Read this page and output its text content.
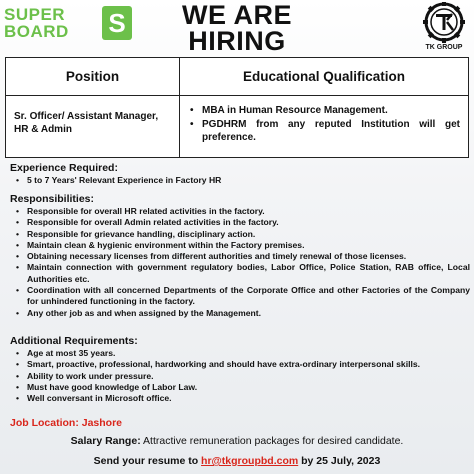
SUPER
BOARD S	WE ARE
HIRING	TK GROUP
Position	Educational Qualification
Sr. Officer/ Assistant Manager, HR & Admin
• MBA in Human Resource Management.
• PGDHRM from any reputed Institution will get preference.
Experience Required:
• 5 to 7 Years' Relevant Experience in Factory HR
Responsibilities:
• Responsible for overall HR related activities in the factory.
• Responsible for overall Admin related activities in the factory.
• Responsible for grievance handling, disciplinary action.
• Maintain clean & hygienic environment within the Factory premises.
• Obtaining necessary licenses from different authorities and timely renewal of those licenses.
• Maintain connection with government regulatory bodies, Labor Office, Police Station, RAB office, Local Authorities etc.
• Coordination with all concerned Departments of the Corporate Office and other Factories of the Company for unhindered functioning in the factory.
• Any other job as and when assigned by the Management.
Additional Requirements:
• Age at most 35 years.
• Smart, proactive, professional, hardworking and should have extra-ordinary interpersonal skills.
• Ability to work under pressure.
• Must have good knowledge of Labor Law.
• Well conversant in Microsoft office.
Job Location: Jashore
Salary Range: Attractive remuneration packages for desired candidate.
Send your resume to hr@tkgroupbd.com by 25 July, 2023
